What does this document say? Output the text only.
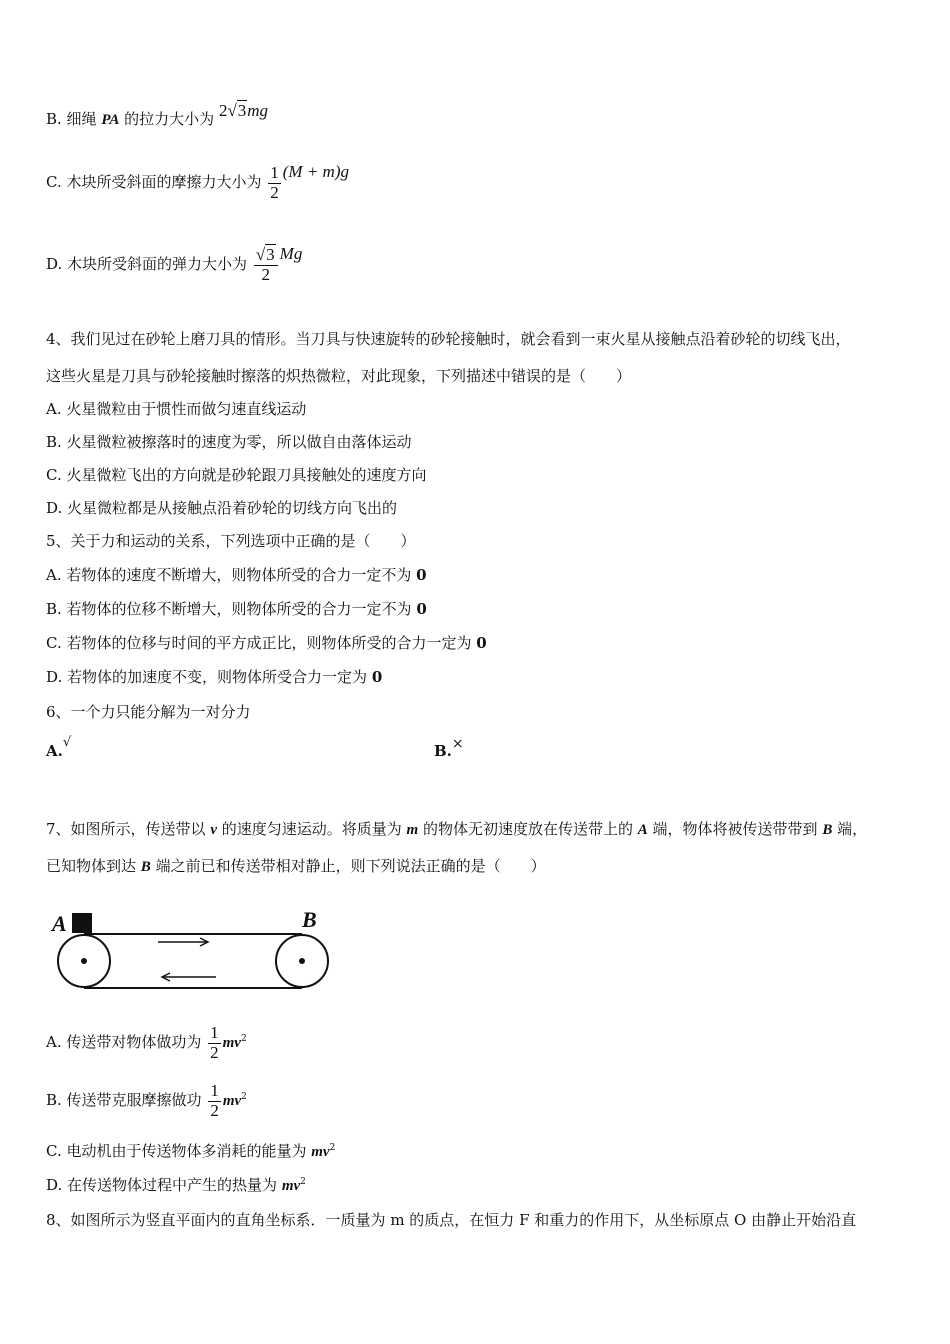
B. 细绳 PA 的拉力大小为 2√3mg
C. 木块所受斜面的摩擦力大小为 $\frac{1}{2} (M + m)g$
D. 木块所受斜面的弹力大小为 $\frac{√3}{2}$ Mg
4、我们见过在砂轮上磨刀具的情形。当刀具与快速旋转的砂轮接触时，就会看到一束火星从接触点沿着砂轮的切线飞出，
这些火星是刀具与砂轮接触时擦落的炽热微粒，对此现象，下列描述中错误的是（　　）
A. 火星微粒由于惯性而做匀速直线运动
B. 火星微粒被擦落时的速度为零，所以做自由落体运动
C. 火星微粒飞出的方向就是砂轮跟刀具接触处的速度方向
D. 火星微粒都是从接触点沿着砂轮的切线方向飞出的
5、关于力和运动的关系，下列选项中正确的是（　　）
A. 若物体的速度不断增大，则物体所受的合力一定不为 0
B. 若物体的位移不断增大，则物体所受的合力一定不为 0
C. 若物体的位移与时间的平方成正比，则物体所受的合力一定为 0
D. 若物体的加速度不变，则物体所受合力一定为 0
6、一个力只能分解为一对分力
A.√	B.×
7、如图所示，传送带以 v 的速度匀速运动。将质量为 m 的物体无初速度放在传送带上的 A 端，物体将被传送带带到 B 端，
已知物体到达 B 端之前已和传送带相对静止，则下列说法正确的是（　　）
A	B
A. 传送带对物体做功为 $\frac{1}{2} mv^2$
B. 传送带克服摩擦做功 $\frac{1}{2} mv^2$
C. 电动机由于传送物体多消耗的能量为 $mv^2$
D. 在传送物体过程中产生的热量为 $mv^2$
8、如图所示为竖直平面内的直角坐标系．一质量为 m 的质点，在恒力 F 和重力的作用下，从坐标原点 O 由静止开始沿直
